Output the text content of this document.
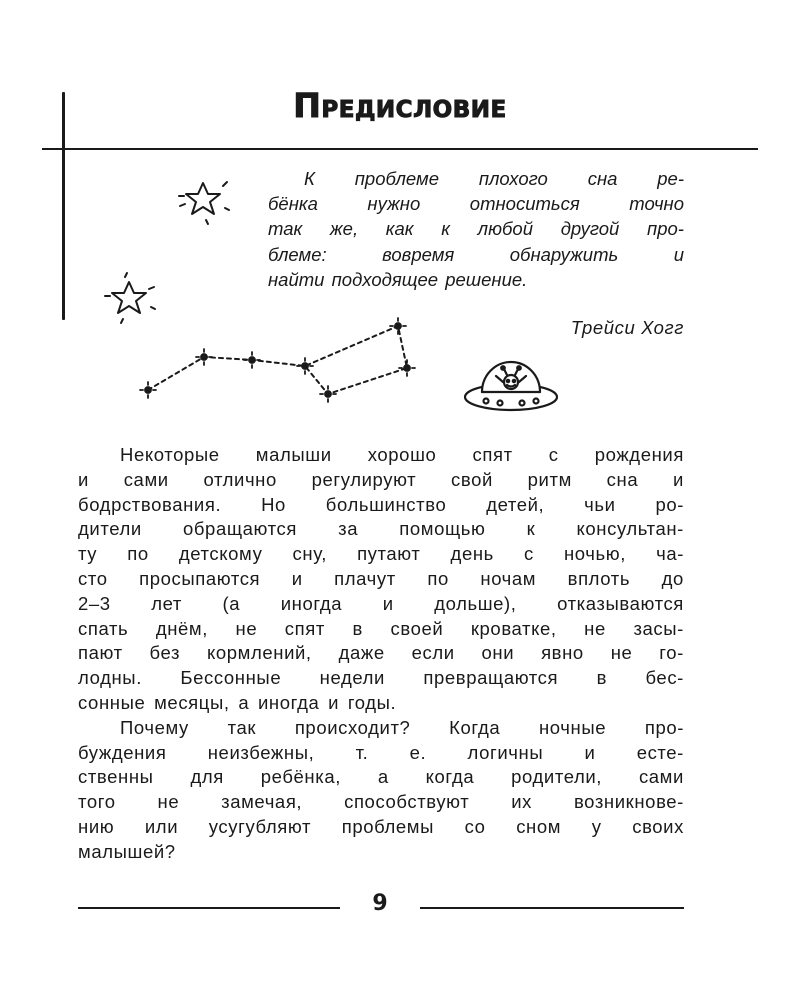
Предисловие
К проблеме плохого сна ре-
бёнка	нужно	относиться	точно
так же, как к любой другой про-
блеме:	вовремя	обнаружить	и
найти подходящее решение.
Трейси Хогг
Некоторые малыши хорошо спят с рождения
и сами отлично регулируют свой ритм сна и
бодрствования. Но большинство детей, чьи ро-
дители обращаются за помощью к консультан-
ту по детскому сну, путают день с ночью, ча-
сто просыпаются и плачут по ночам вплоть до
2–3 лет (а иногда и дольше), отказываются
спать днём, не спят в своей кроватке, не засы-
пают без кормлений, даже если они явно не го-
лодны. Бессонные недели превращаются в бес-
сонные месяцы, а иногда и годы.
Почему так происходит? Когда ночные про-
буждения неизбежны, т. е. логичны и есте-
ственны для ребёнка, а когда родители, сами
того не замечая, способствуют их возникнове-
нию или усугубляют проблемы со сном у своих
малышей?
9
